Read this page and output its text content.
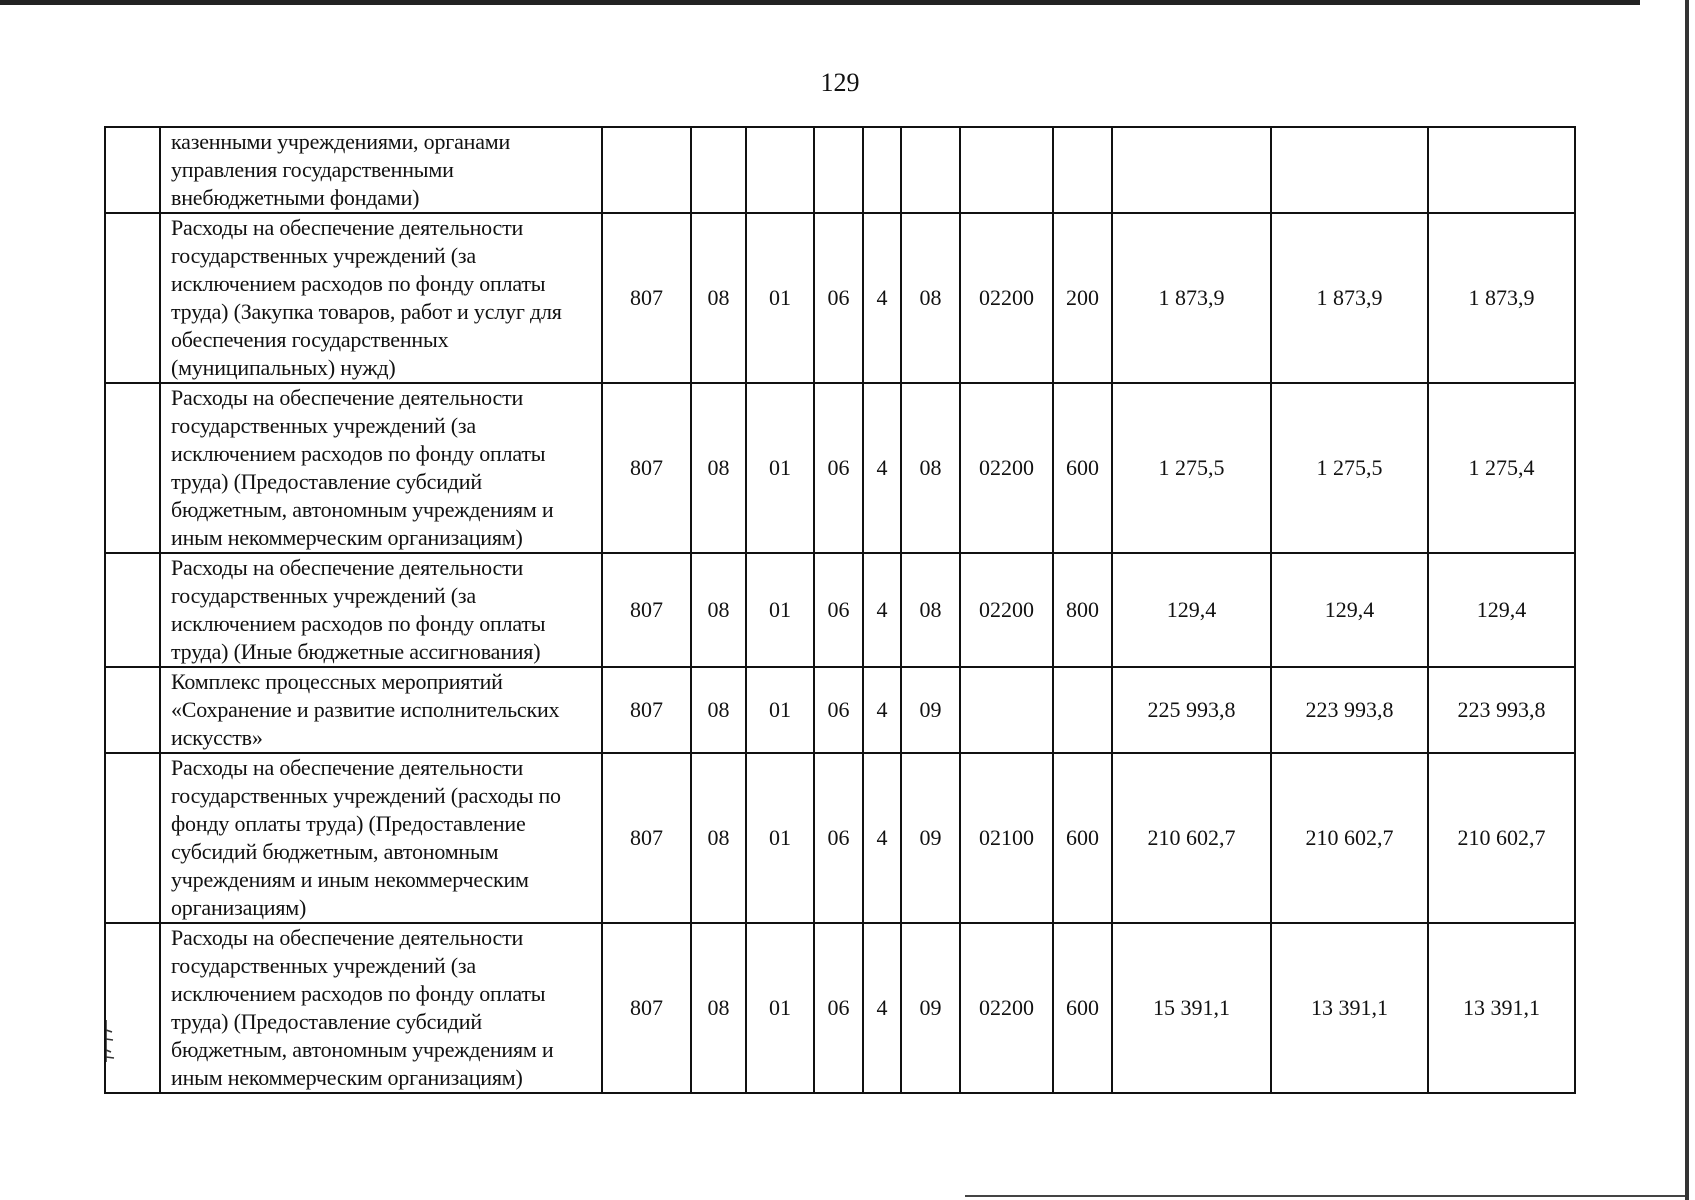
129
	казенными учреждениями, органами управления государственными внебюджетными фондами)											
	Расходы на обеспечение деятельности государственных учреждений (за исключением расходов по фонду оплаты труда) (Закупка товаров, работ и услуг для обеспечения государственных (муниципальных) нужд)	807	08	01	06	4	08	02200	200	1 873,9	1 873,9	1 873,9
	Расходы на обеспечение деятельности государственных учреждений (за исключением расходов по фонду оплаты труда) (Предоставление субсидий бюджетным, автономным учреждениям и иным некоммерческим организациям)	807	08	01	06	4	08	02200	600	1 275,5	1 275,5	1 275,4
	Расходы на обеспечение деятельности государственных учреждений (за исключением расходов по фонду оплаты труда) (Иные бюджетные ассигнования)	807	08	01	06	4	08	02200	800	129,4	129,4	129,4
	Комплекс процессных мероприятий «Сохранение и развитие исполнительских искусств»	807	08	01	06	4	09			225 993,8	223 993,8	223 993,8
	Расходы на обеспечение деятельности государственных учреждений (расходы по фонду оплаты труда) (Предоставление субсидий бюджетным, автономным учреждениям и иным некоммерческим организациям)	807	08	01	06	4	09	02100	600	210 602,7	210 602,7	210 602,7

	Расходы на обеспечение деятельности государственных учреждений (за исключением расходов по фонду оплаты труда) (Предоставление субсидий бюджетным, автономным учреждениям и иным некоммерческим организациям)	807	08	01	06	4	09	02200	600	15 391,1	13 391,1	13 391,1
